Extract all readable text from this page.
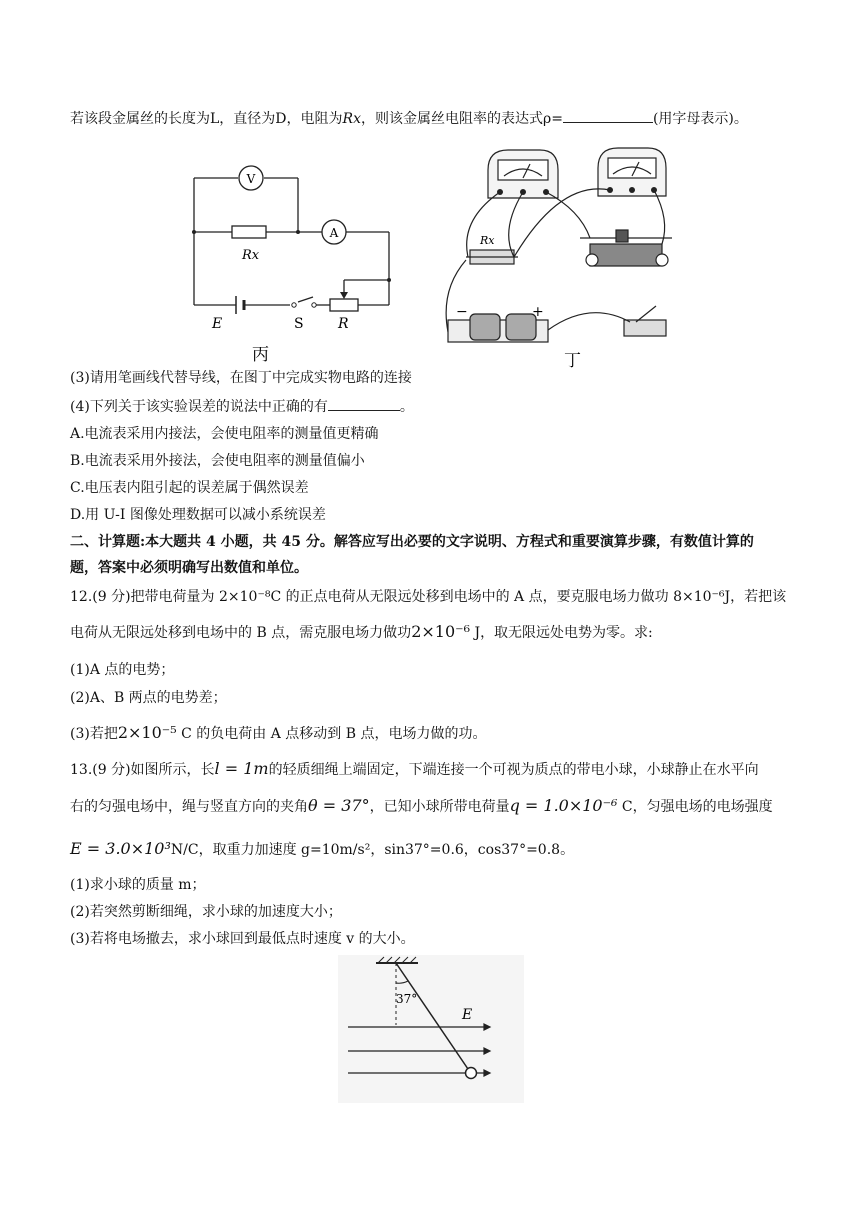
若该段金属丝的长度为L，直径为D，电阻为Rx，则该金属丝电阻率的表达式ρ=	(用字母表示)。
V
A
Rx
E	S R
丙
Rx
−	+
丁
(3)请用笔画线代替导线，在图丁中完成实物电路的连接
(4)下列关于该实验误差的说法中正确的有	。
A.电流表采用内接法，会使电阻率的测量值更精确
B.电流表采用外接法，会使电阻率的测量值偏小
C.电压表内阻引起的误差属于偶然误差
D.用 U-I 图像处理数据可以减小系统误差
二、计算题:本大题共 4 小题，共 45 分。解答应写出必要的文字说明、方程式和重要演算步骤，有数值计算的
题，答案中必须明确写出数值和单位。
12.(9 分)把带电荷量为 2×10⁻⁸C 的正点电荷从无限远处移到电场中的 A 点，要克服电场力做功 8×10⁻⁶J，若把该
电荷从无限远处移到电场中的 B 点，需克服电场力做功2×10⁻⁶ J，取无限远处电势为零。求:
(1)A 点的电势；
(2)A、B 两点的电势差；
(3)若把2×10⁻⁵ C 的负电荷由 A 点移动到 B 点，电场力做的功。
13.(9 分)如图所示，长l = 1m的轻质细绳上端固定，下端连接一个可视为质点的带电小球，小球静止在水平向
右的匀强电场中，绳与竖直方向的夹角θ = 37°，已知小球所带电荷量q = 1.0×10⁻⁶ C，匀强电场的电场强度
E = 3.0×10³N/C，取重力加速度 g=10m/s²，sin37°=0.6，cos37°=0.8。
(1)求小球的质量 m；
(2)若突然剪断细绳，求小球的加速度大小；
(3)若将电场撤去，求小球回到最低点时速度 v 的大小。
37°
E
